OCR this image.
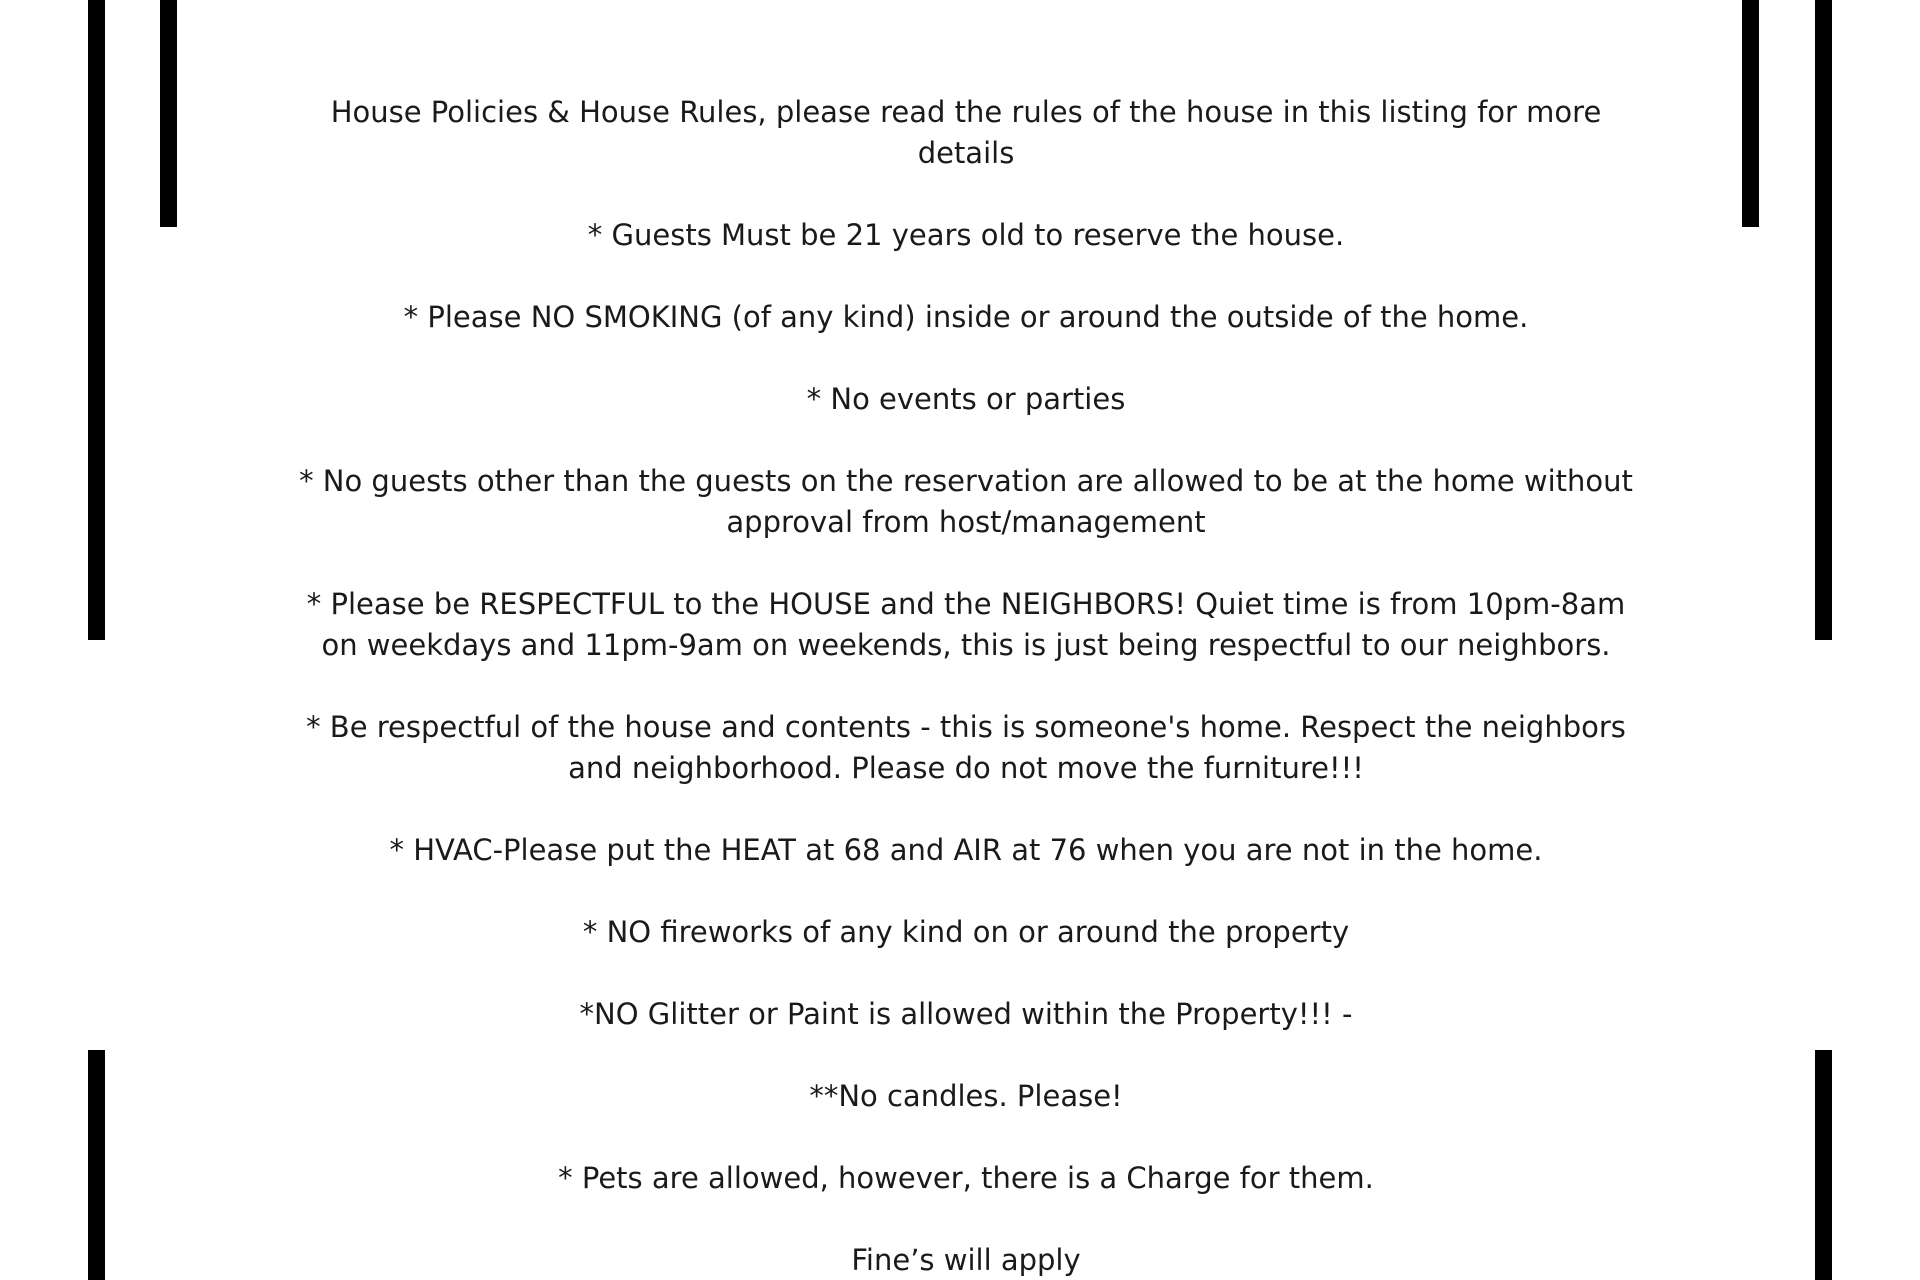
House Policies & House Rules, please read the rules of the house in this listing for more details

* Guests Must be 21 years old to reserve the house.

* Please NO SMOKING (of any kind) inside or around the outside of the home.

* No events or parties

* No guests other than the guests on the reservation are allowed to be at the home without approval from host/management

* Please be RESPECTFUL to the HOUSE and the NEIGHBORS! Quiet time is from 10pm-8am on weekdays and 11pm-9am on weekends, this is just being respectful to our neighbors.

* Be respectful of the house and contents - this is someone's home. Respect the neighbors and neighborhood. Please do not move the furniture!!!

* HVAC-Please put the HEAT at 68 and AIR at 76 when you are not in the home.

* NO fireworks of any kind on or around the property

*NO Glitter or Paint is allowed within the Property!!! -

**No candles. Please!

* Pets are allowed, however, there is a Charge for them.

Fine’s will apply
